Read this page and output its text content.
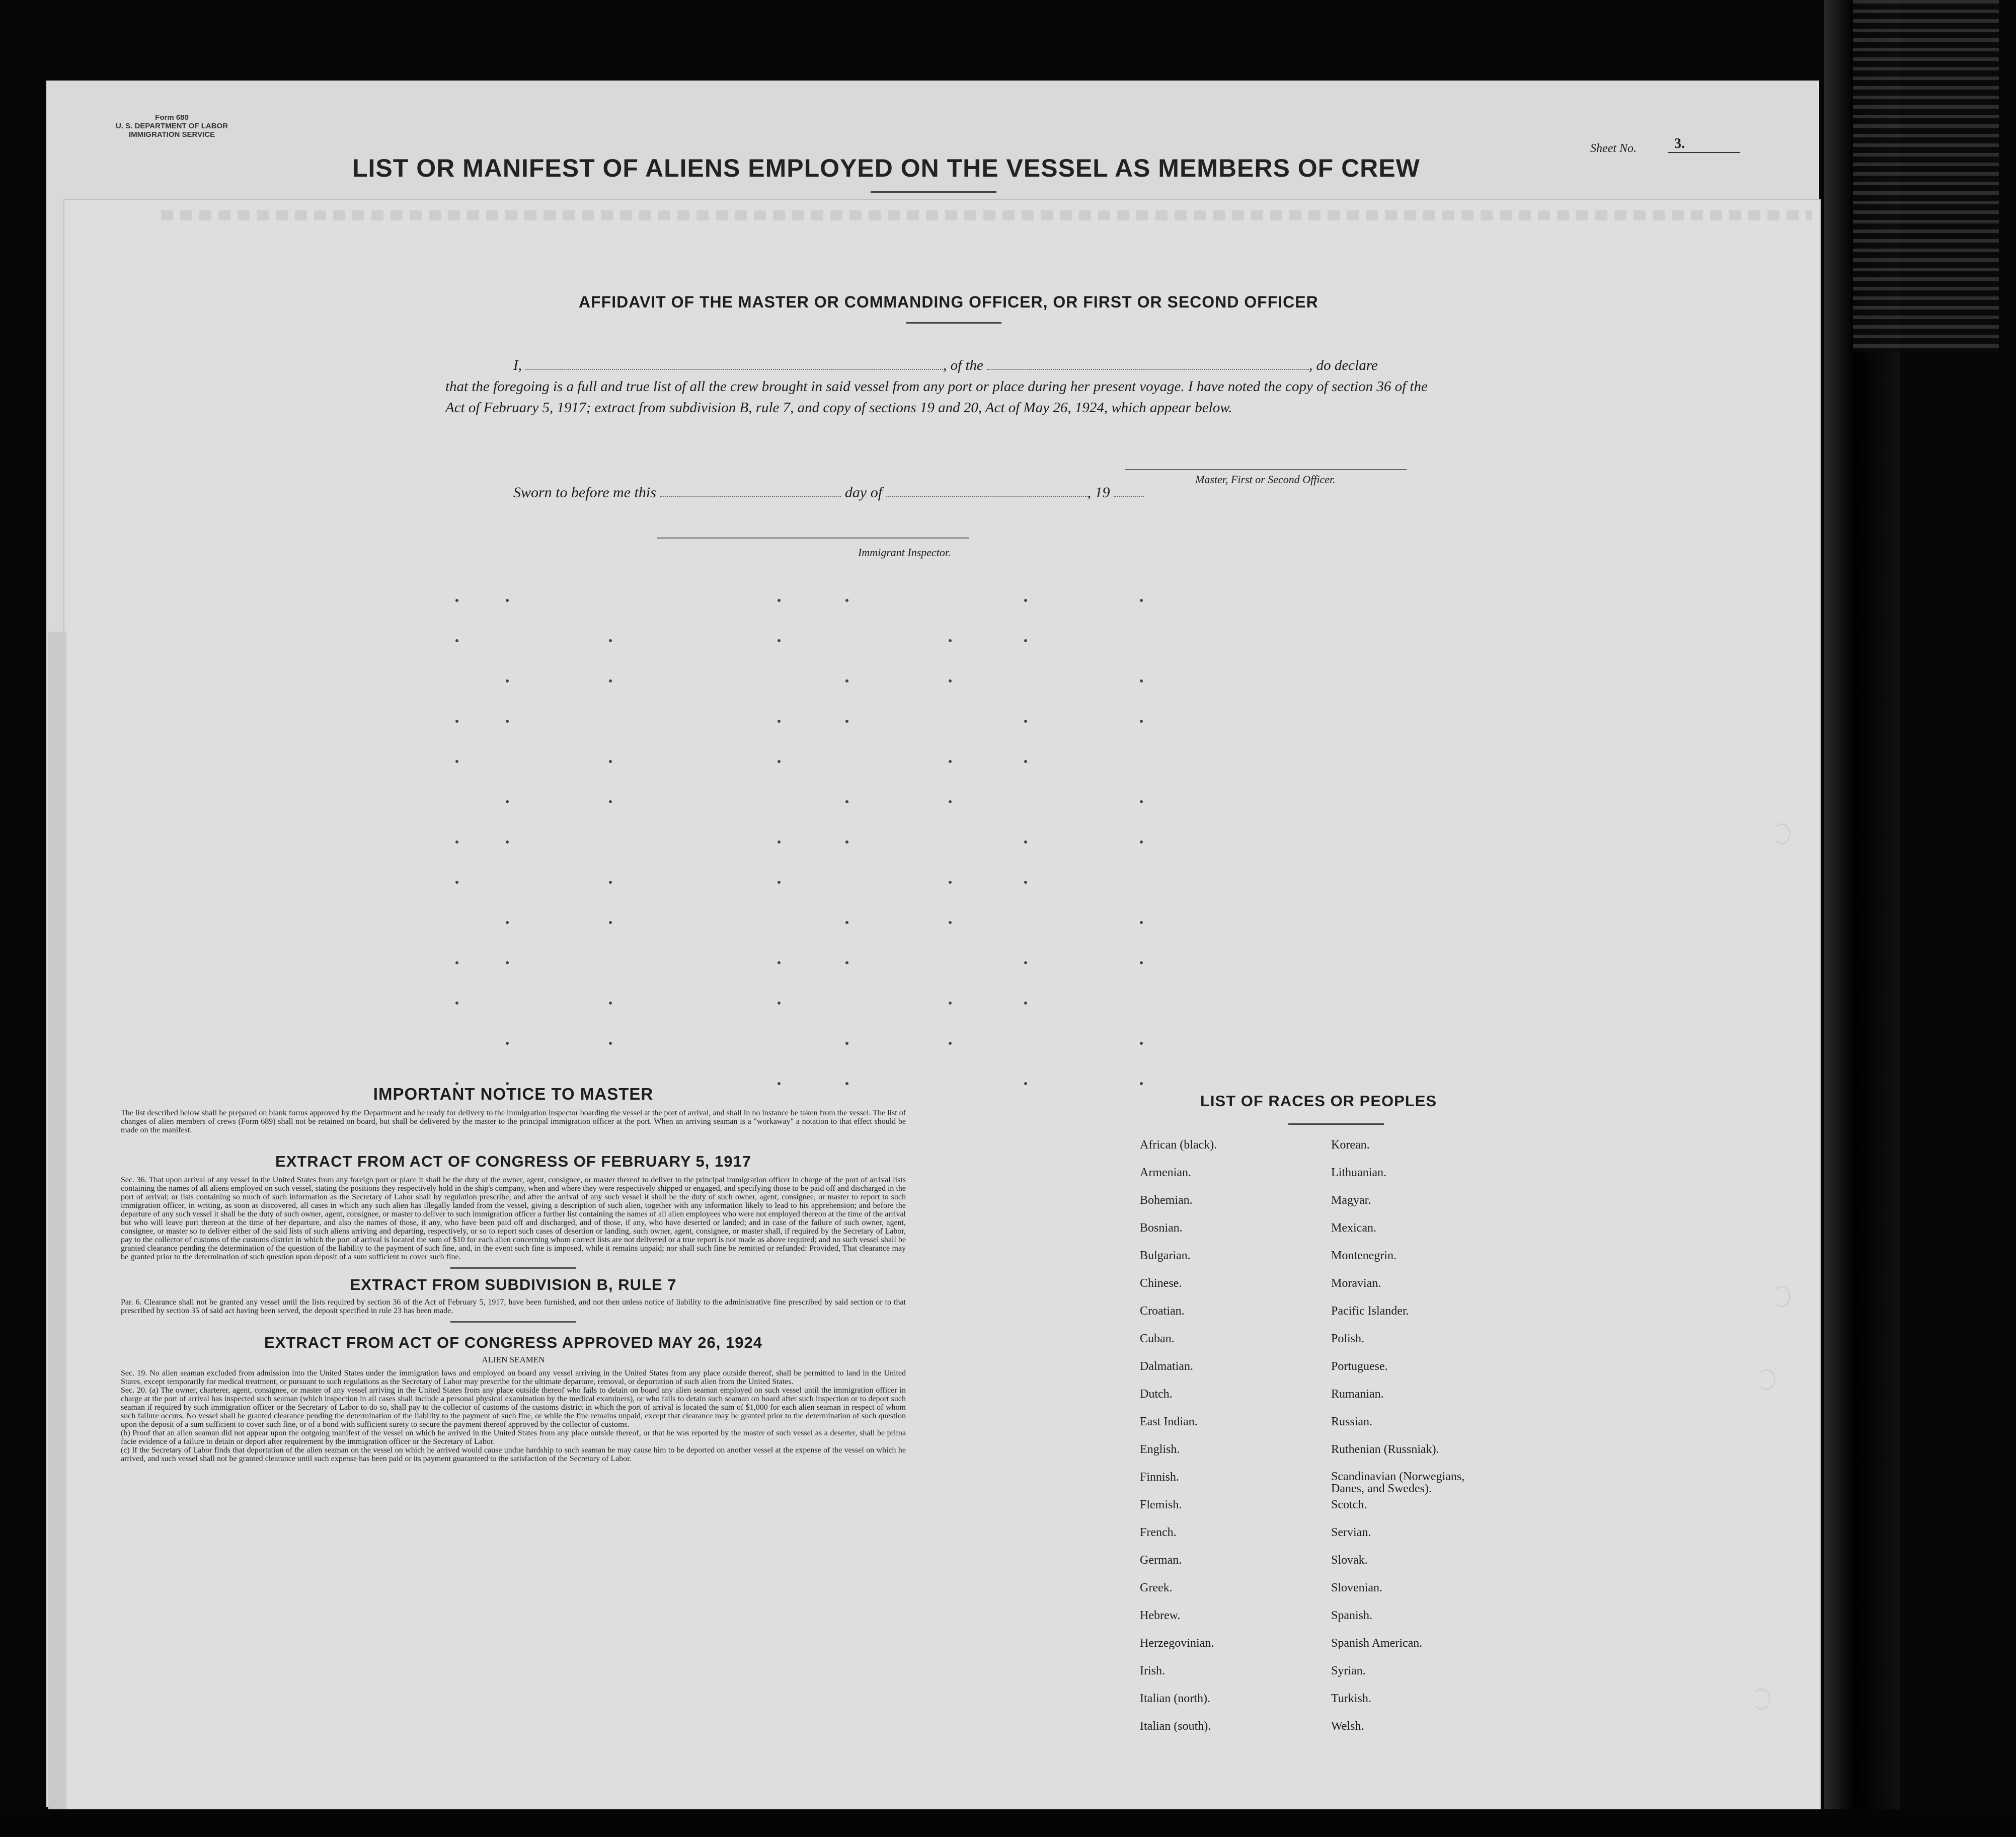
Form 680
U. S. DEPARTMENT OF LABOR
IMMIGRATION SERVICE
LIST OR MANIFEST OF ALIENS EMPLOYED ON THE VESSEL AS MEMBERS OF CREW
Sheet No.	3.
AFFIDAVIT OF THE MASTER OR COMMANDING OFFICER, OR FIRST OR SECOND OFFICER
I,	, of the	, do declare
that the foregoing is a full and true list of all the crew brought in said vessel from any port or place during her present voyage. I have noted the copy of section 36 of the Act of February 5, 1917; extract from subdivision B, rule 7, and copy of sections 19 and 20, Act of May 26, 1924, which appear below.
Master, First or Second Officer.
Sworn to before me this	day of	, 19
Immigrant Inspector.
IMPORTANT NOTICE TO MASTER
The list described below shall be prepared on blank forms approved by the Department and be ready for delivery to the immigration inspector boarding the vessel at the port of arrival, and shall in no instance be taken from the vessel. The list of changes of alien members of crews (Form 689) shall not be retained on board, but shall be delivered by the master to the principal immigration officer at the port. When an arriving seaman is a "workaway" a notation to that effect should be made on the manifest.
EXTRACT FROM ACT OF CONGRESS OF FEBRUARY 5, 1917
Sec. 36. That upon arrival of any vessel in the United States from any foreign port or place it shall be the duty of the owner, agent, consignee, or master thereof to deliver to the principal immigration officer in charge of the port of arrival lists containing the names of all aliens employed on such vessel, stating the positions they respectively hold in the ship's company, when and where they were respectively shipped or engaged, and specifying those to be paid off and discharged in the port of arrival; or lists containing so much of such information as the Secretary of Labor shall by regulation prescribe; and after the arrival of any such vessel it shall be the duty of such owner, agent, consignee, or master to report to such immigration officer, in writing, as soon as discovered, all cases in which any such alien has illegally landed from the vessel, giving a description of such alien, together with any information likely to lead to his apprehension; and before the departure of any such vessel it shall be the duty of such owner, agent, consignee, or master to deliver to such immigration officer a further list containing the names of all alien employees who were not employed thereon at the time of the arrival but who will leave port thereon at the time of her departure, and also the names of those, if any, who have been paid off and discharged, and of those, if any, who have deserted or landed; and in case of the failure of such owner, agent, consignee, or master so to deliver either of the said lists of such aliens arriving and departing, respectively, or so to report such cases of desertion or landing, such owner, agent, consignee, or master shall, if required by the Secretary of Labor, pay to the collector of customs of the customs district in which the port of arrival is located the sum of $10 for each alien concerning whom correct lists are not delivered or a true report is not made as above required; and no such vessel shall be granted clearance pending the determination of the question of the liability to the payment of such fine, and, in the event such fine is imposed, while it remains unpaid; nor shall such fine be remitted or refunded: Provided, That clearance may be granted prior to the determination of such question upon deposit of a sum sufficient to cover such fine.
EXTRACT FROM SUBDIVISION B, RULE 7
Par. 6. Clearance shall not be granted any vessel until the lists required by section 36 of the Act of February 5, 1917, have been furnished, and not then unless notice of liability to the administrative fine prescribed by said section or to that prescribed by section 35 of said act having been served, the deposit specified in rule 23 has been made.
EXTRACT FROM ACT OF CONGRESS APPROVED MAY 26, 1924
ALIEN SEAMEN
Sec. 19. No alien seaman excluded from admission into the United States under the immigration laws and employed on board any vessel arriving in the United States from any place outside thereof, shall be permitted to land in the United States, except temporarily for medical treatment, or pursuant to such regulations as the Secretary of Labor may prescribe for the ultimate departure, removal, or deportation of such alien from the United States.
Sec. 20. (a) The owner, charterer, agent, consignee, or master of any vessel arriving in the United States from any place outside thereof who fails to detain on board any alien seaman employed on such vessel until the immigration officer in charge at the port of arrival has inspected such seaman (which inspection in all cases shall include a personal physical examination by the medical examiners), or who fails to detain such seaman on board after such inspection or to deport such seaman if required by such immigration officer or the Secretary of Labor to do so, shall pay to the collector of customs of the customs district in which the port of arrival is located the sum of $1,000 for each alien seaman in respect of whom such failure occurs. No vessel shall be granted clearance pending the determination of the liability to the payment of such fine, or while the fine remains unpaid, except that clearance may be granted prior to the determination of such question upon the deposit of a sum sufficient to cover such fine, or of a bond with sufficient surety to secure the payment thereof approved by the collector of customs.
(b) Proof that an alien seaman did not appear upon the outgoing manifest of the vessel on which he arrived in the United States from any place outside thereof, or that he was reported by the master of such vessel as a deserter, shall be prima facie evidence of a failure to detain or deport after requirement by the immigration officer or the Secretary of Labor.
(c) If the Secretary of Labor finds that deportation of the alien seaman on the vessel on which he arrived would cause undue hardship to such seaman he may cause him to be deported on another vessel at the expense of the vessel on which he arrived, and such vessel shall not be granted clearance until such expense has been paid or its payment guaranteed to the satisfaction of the Secretary of Labor.
LIST OF RACES OR PEOPLES
African (black).
Armenian.
Bohemian.
Bosnian.
Bulgarian.
Chinese.
Croatian.
Cuban.
Dalmatian.
Dutch.
East Indian.
English.
Finnish.
Flemish.
French.
German.
Greek.
Hebrew.
Herzegovinian.
Irish.
Italian (north).
Italian (south).
Korean.
Lithuanian.
Magyar.
Mexican.
Montenegrin.
Moravian.
Pacific Islander.
Polish.
Portuguese.
Rumanian.
Russian.
Ruthenian (Russniak).
Scandinavian (Norwegians, Danes, and Swedes).
Scotch.
Servian.
Slovak.
Slovenian.
Spanish.
Spanish American.
Syrian.
Turkish.
Welsh.
